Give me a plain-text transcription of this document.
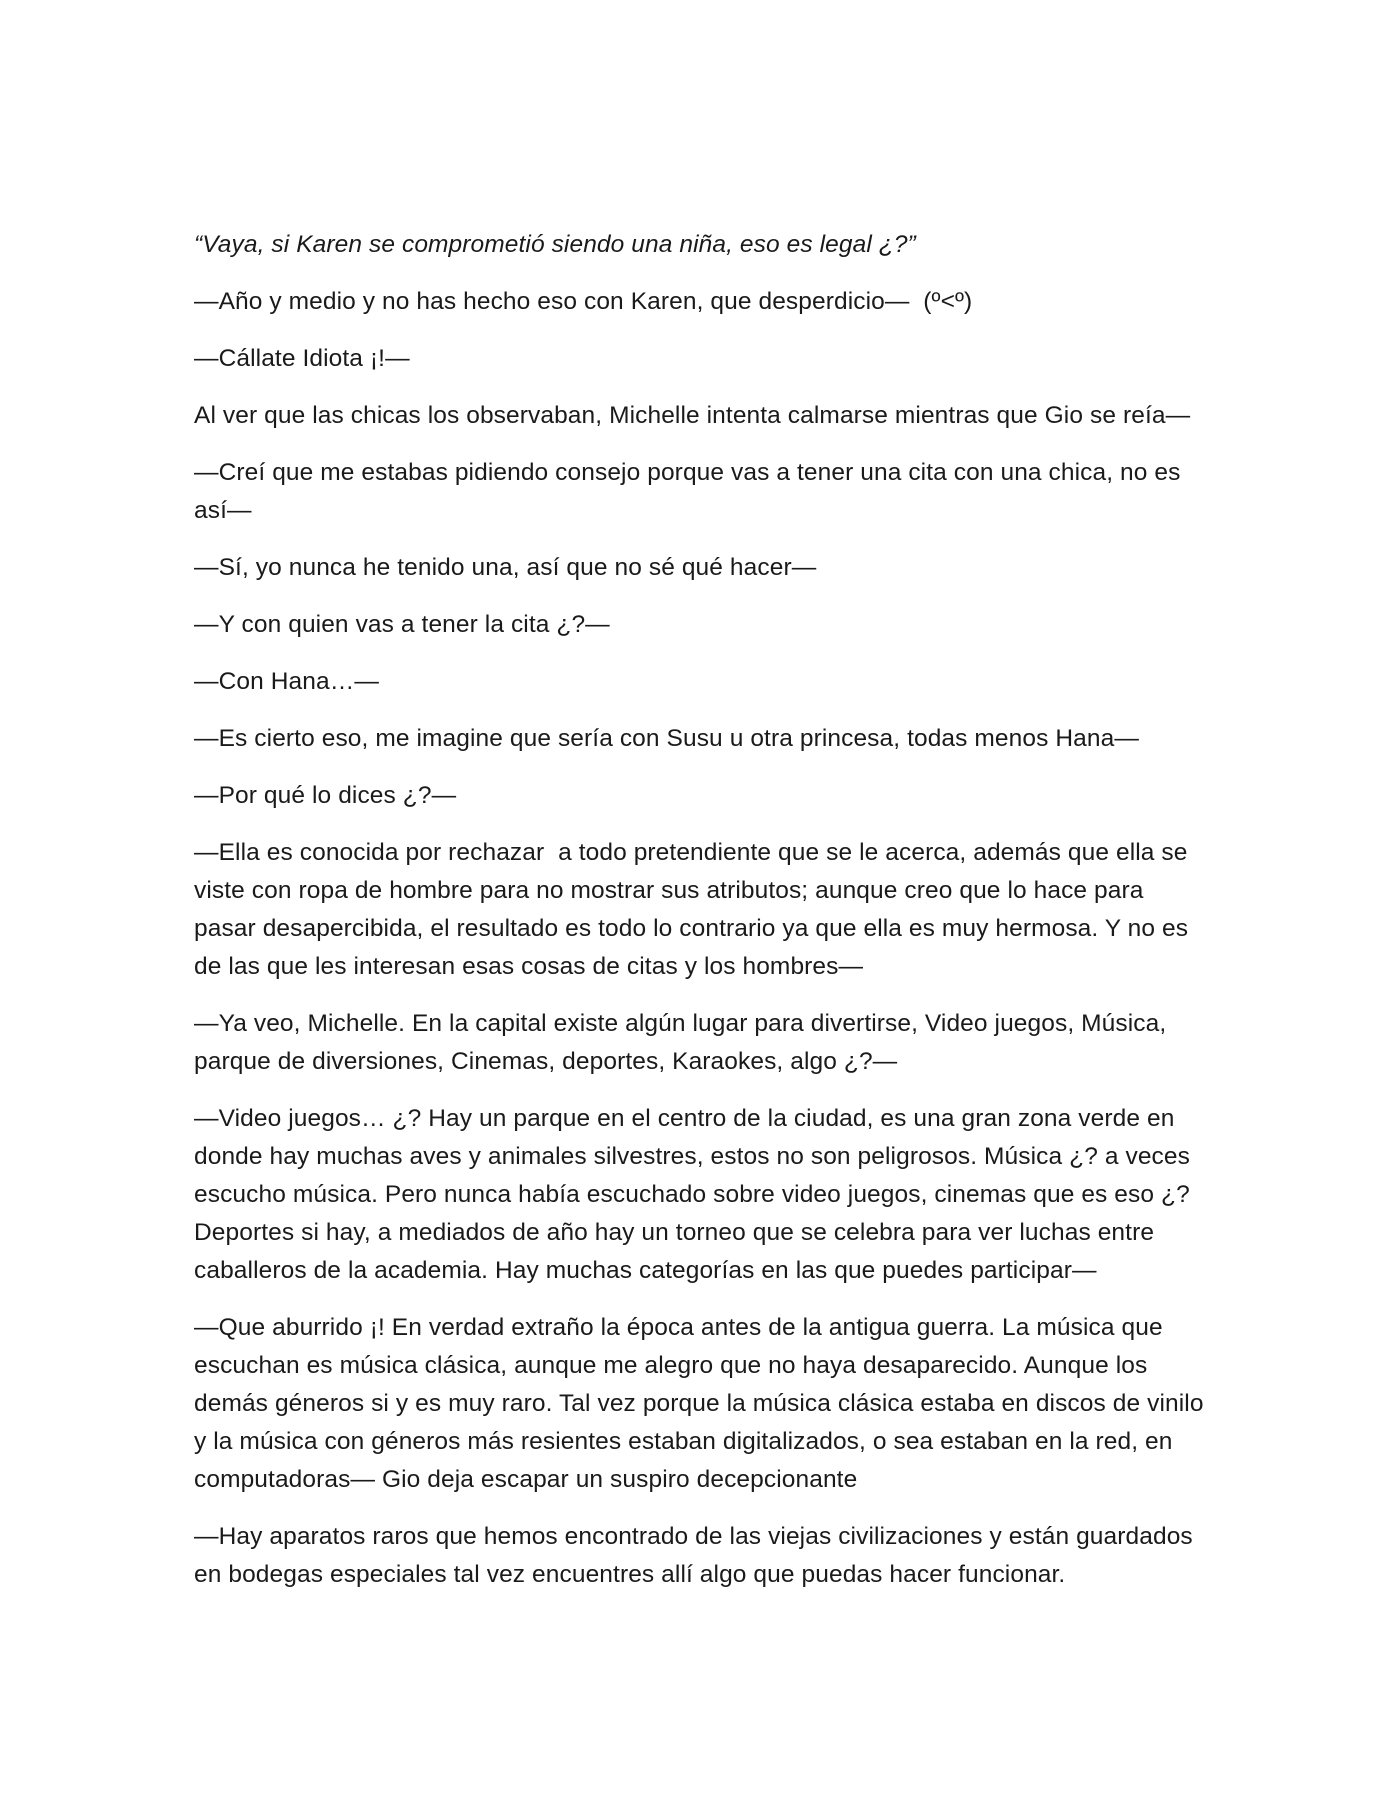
“Vaya, si Karen se comprometió siendo una niña, eso es legal ¿?”

—Año y medio y no has hecho eso con Karen, que desperdicio—  (º<º)

—Cállate Idiota ¡!—

Al ver que las chicas los observaban, Michelle intenta calmarse mientras que Gio se reía—

—Creí que me estabas pidiendo consejo porque vas a tener una cita con una chica, no es así—

—Sí, yo nunca he tenido una, así que no sé qué hacer—

—Y con quien vas a tener la cita ¿?—

—Con Hana…—

—Es cierto eso, me imagine que sería con Susu u otra princesa, todas menos Hana—

—Por qué lo dices ¿?—

—Ella es conocida por rechazar  a todo pretendiente que se le acerca, además que ella se viste con ropa de hombre para no mostrar sus atributos; aunque creo que lo hace para pasar desapercibida, el resultado es todo lo contrario ya que ella es muy hermosa. Y no es de las que les interesan esas cosas de citas y los hombres—

—Ya veo, Michelle. En la capital existe algún lugar para divertirse, Video juegos, Música, parque de diversiones, Cinemas, deportes, Karaokes, algo ¿?—

—Video juegos… ¿? Hay un parque en el centro de la ciudad, es una gran zona verde en donde hay muchas aves y animales silvestres, estos no son peligrosos. Música ¿? a veces escucho música. Pero nunca había escuchado sobre video juegos, cinemas que es eso ¿? Deportes si hay, a mediados de año hay un torneo que se celebra para ver luchas entre caballeros de la academia. Hay muchas categorías en las que puedes participar—

—Que aburrido ¡! En verdad extraño la época antes de la antigua guerra. La música que escuchan es música clásica, aunque me alegro que no haya desaparecido. Aunque los demás géneros si y es muy raro. Tal vez porque la música clásica estaba en discos de vinilo y la música con géneros más resientes estaban digitalizados, o sea estaban en la red, en computadoras— Gio deja escapar un suspiro decepcionante

—Hay aparatos raros que hemos encontrado de las viejas civilizaciones y están guardados en bodegas especiales tal vez encuentres allí algo que puedas hacer funcionar.
